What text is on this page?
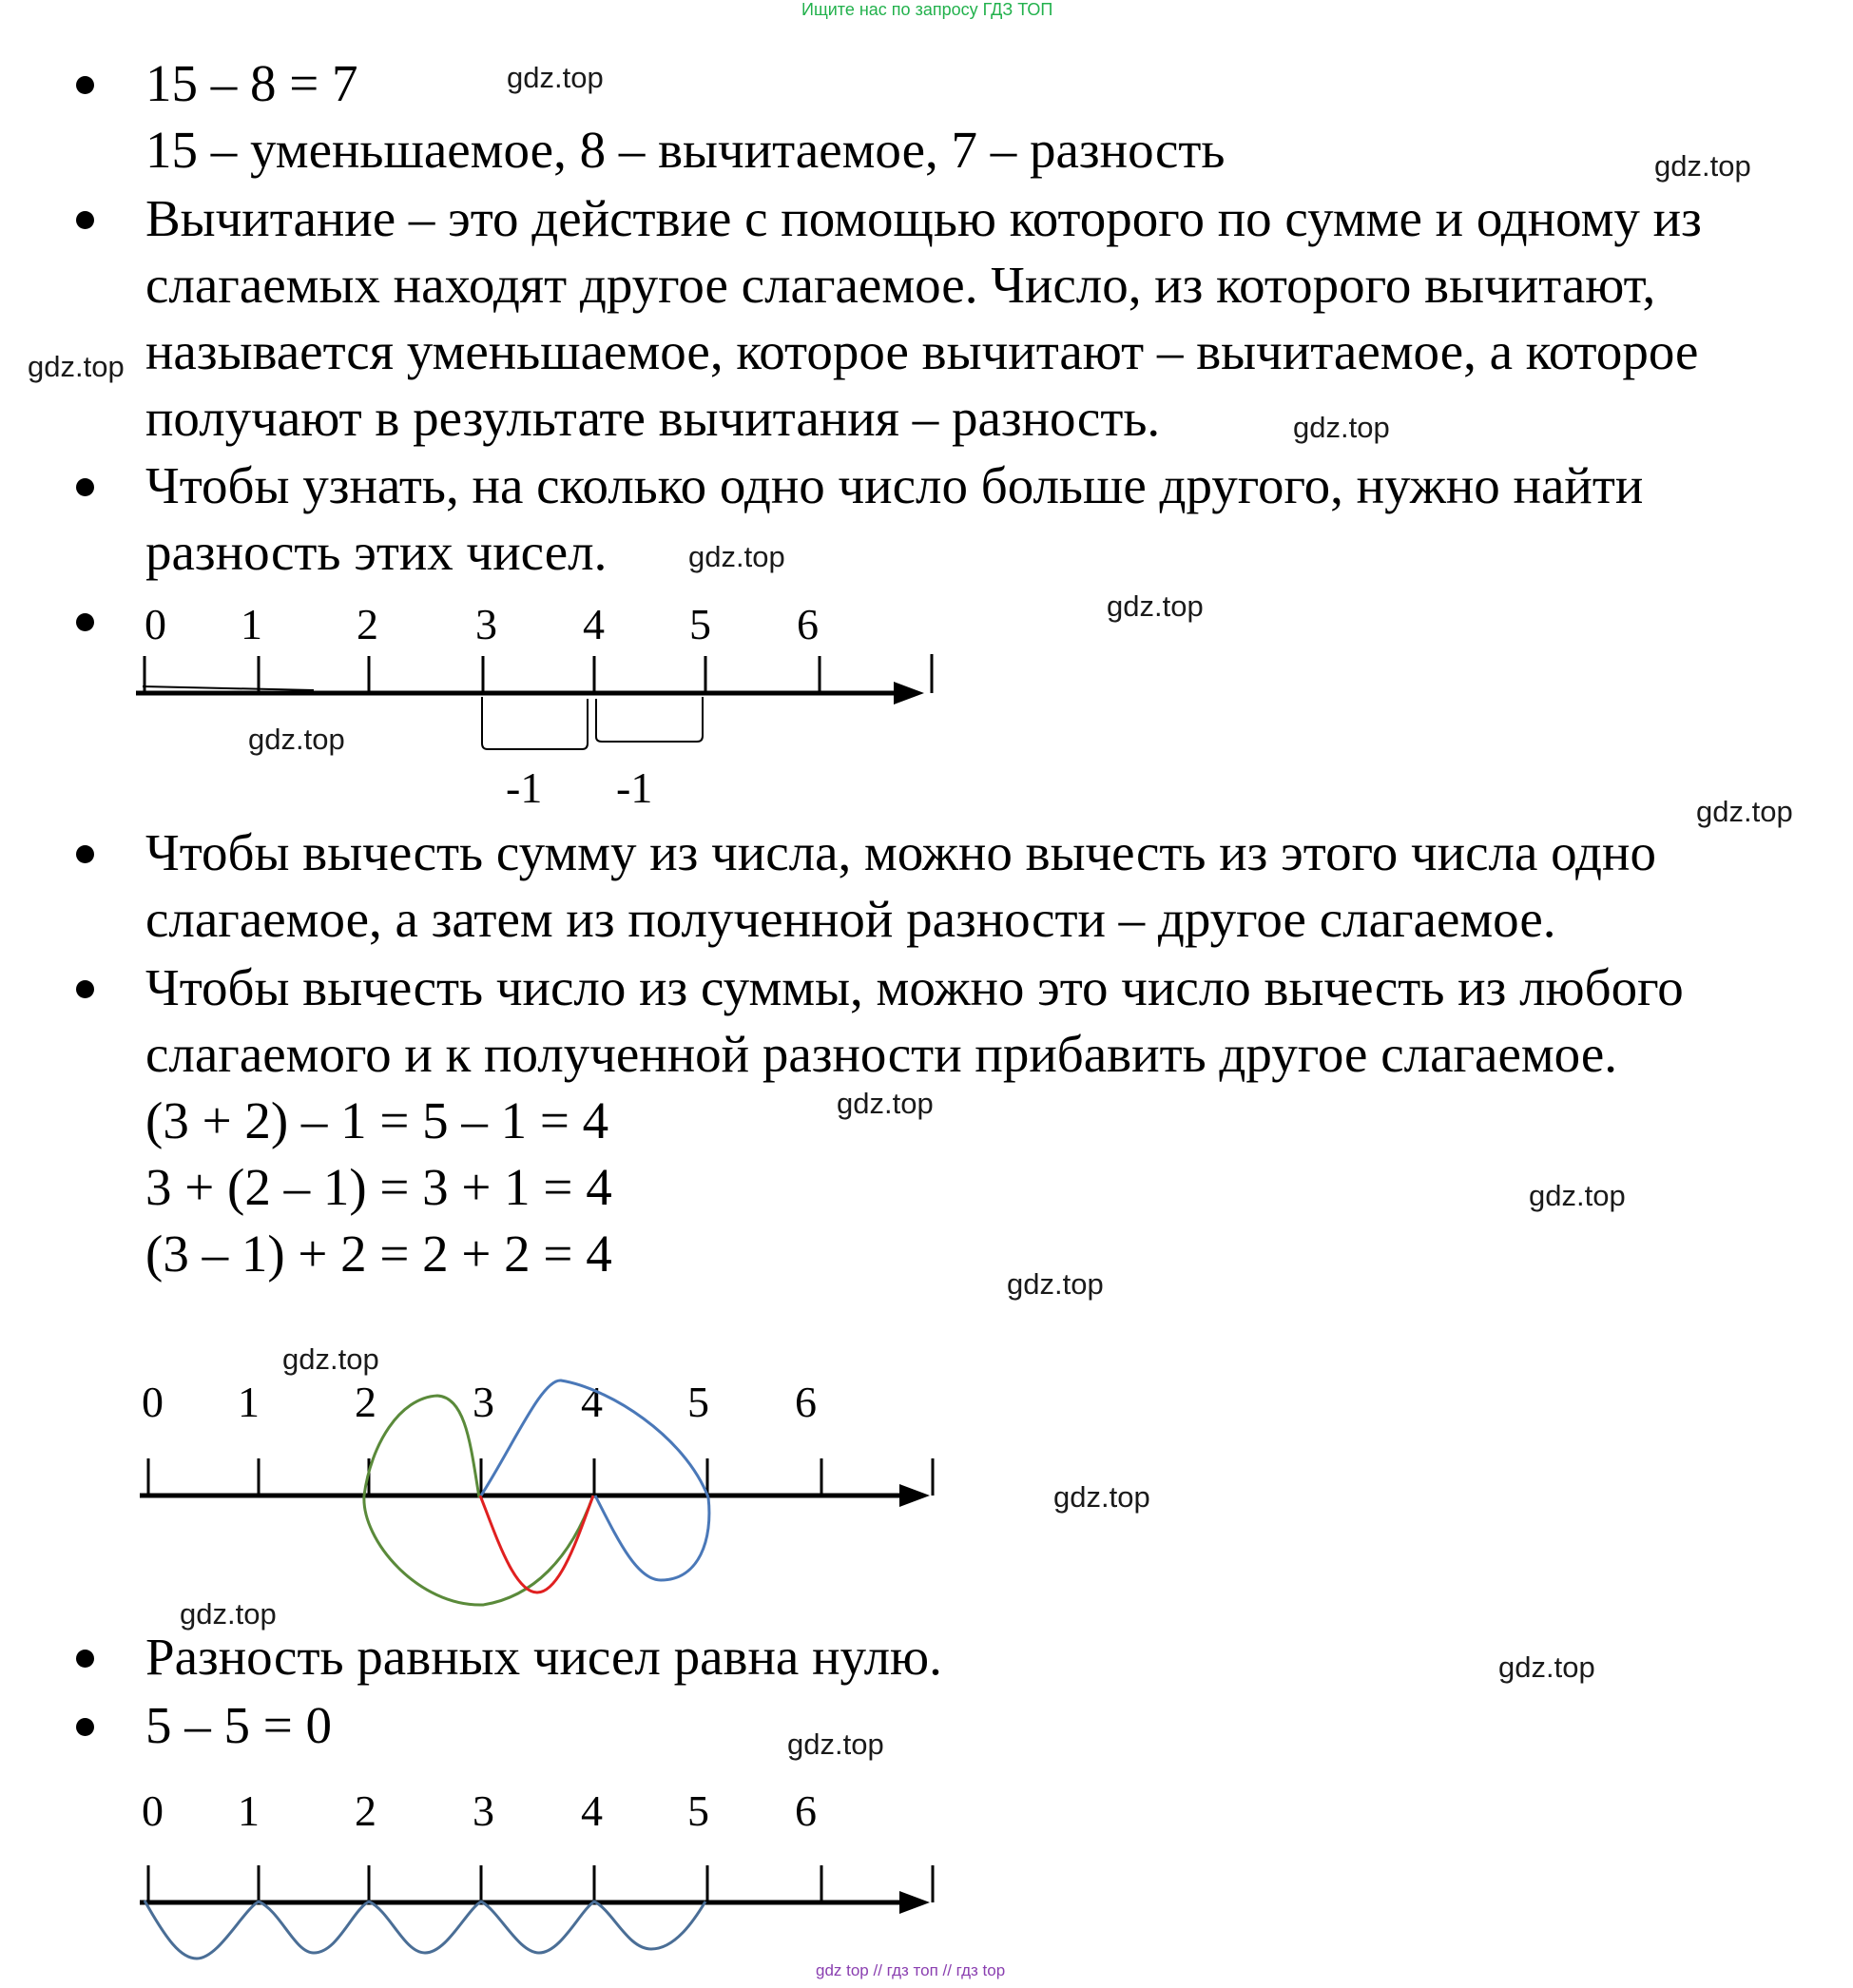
Ищите нас по запросу ГДЗ ТОП
gdz top // гдз топ // гдз top
gdz.top
gdz.top
gdz.top
gdz.top
gdz.top
gdz.top
gdz.top
gdz.top
gdz.top
gdz.top
gdz.top
gdz.top
gdz.top
gdz.top
gdz.top
gdz.top
15 – 8 = 7
15 – уменьшаемое, 8 – вычитаемое, 7 – разность
Вычитание – это действие с помощью которого по сумме и одному из
слагаемых находят другое слагаемое. Число, из которого вычитают,
называется уменьшаемое, которое вычитают – вычитаемое, а которое
получают в результате вычитания – разность.
Чтобы узнать, на сколько одно число больше другого, нужно найти
разность этих чисел.
0 1 2 3 4 5 6
-1 -1
Чтобы вычесть сумму из числа, можно вычесть из этого числа одно
слагаемое, а затем из полученной разности – другое слагаемое.
Чтобы вычесть число из суммы, можно это число вычесть из любого
слагаемого и к полученной разности прибавить другое слагаемое.
(3 + 2) – 1 = 5 – 1 = 4
3 + (2 – 1) = 3 + 1 = 4
(3 – 1) + 2 = 2 + 2 = 4
0 1 2 3 4 5 6
Разность равных чисел равна нулю.
5 – 5 = 0
0 1 2 3 4 5 6
